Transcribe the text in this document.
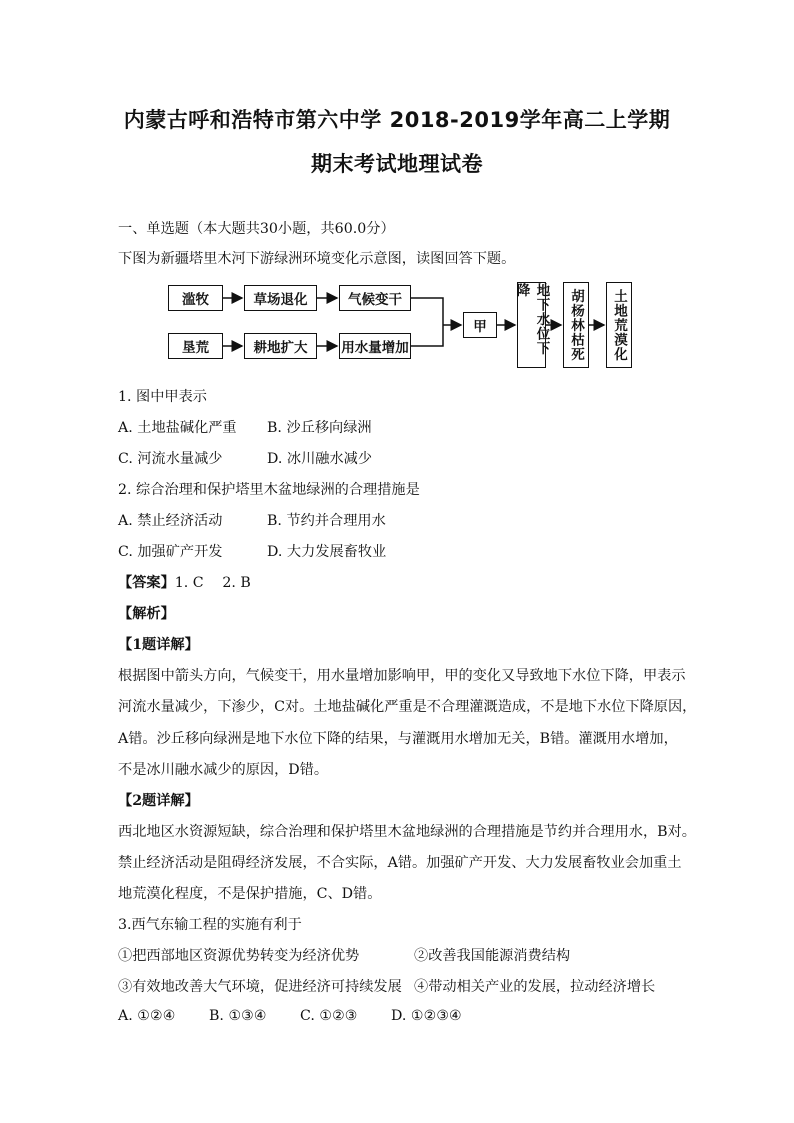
内蒙古呼和浩特市第六中学 2018-2019学年高二上学期
期末考试地理试卷
一、单选题（本大题共30小题，共60.0分）
下图为新疆塔里木河下游绿洲环境变化示意图，读图回答下题。
滥牧	草场退化	气候变干
垦荒	耕地扩大	用水量增加
甲	地下水位下降	胡杨林枯死	土地荒漠化
1. 图中甲表示
A. 土地盐碱化严重 B. 沙丘移向绿洲
C. 河流水量减少	D. 冰川融水减少
2. 综合治理和保护塔里木盆地绿洲的合理措施是
A. 禁止经济活动	B. 节约并合理用水
C. 加强矿产开发	D. 大力发展畜牧业
【答案】1. C　 2. B
【解析】
【1题详解】
根据图中箭头方向，气候变干，用水量增加影响甲，甲的变化又导致地下水位下降，甲表示
河流水量减少，下渗少，C对。土地盐碱化严重是不合理灌溉造成，不是地下水位下降原因，
A错。沙丘移向绿洲是地下水位下降的结果，与灌溉用水增加无关，B错。灌溉用水增加，
不是冰川融水减少的原因，D错。
【2题详解】
西北地区水资源短缺，综合治理和保护塔里木盆地绿洲的合理措施是节约并合理用水，B对。
禁止经济活动是阻碍经济发展，不合实际，A错。加强矿产开发、大力发展畜牧业会加重土
地荒漠化程度，不是保护措施，C、D错。
3.西气东输工程的实施有利于
①把西部地区资源优势转变为经济优势	②改善我国能源消费结构
③有效地改善大气环境，促进经济可持续发展 ④带动相关产业的发展，拉动经济增长
A. ①②④ B. ①③④ C. ①②③ D. ①②③④
